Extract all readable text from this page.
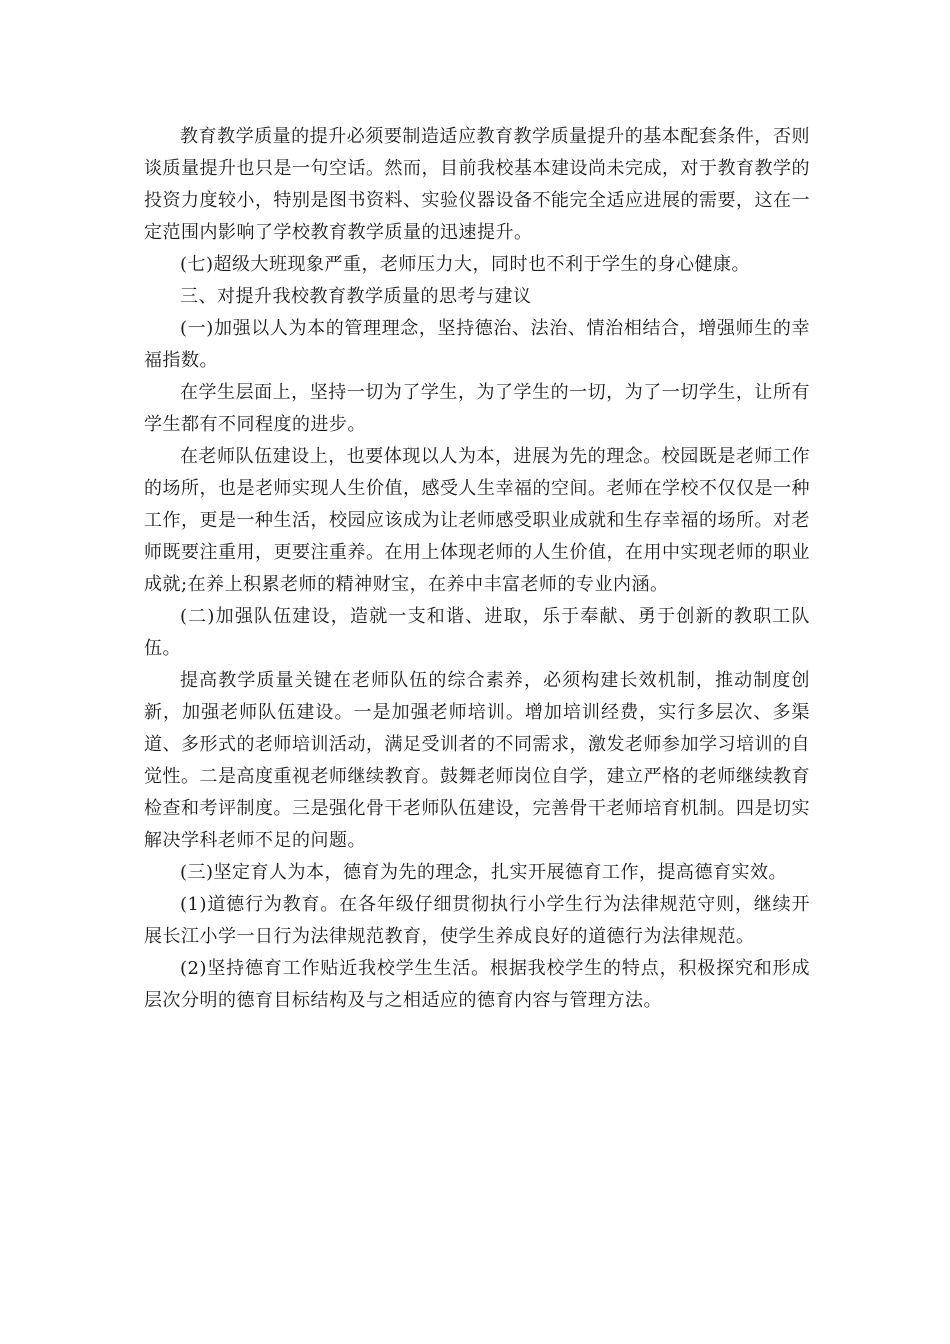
教育教学质量的提升必须要制造适应教育教学质量提升的基本配套条件，否则谈质量提升也只是一句空话。然而，目前我校基本建设尚未完成，对于教育教学的投资力度较小，特别是图书资料、实验仪器设备不能完全适应进展的需要，这在一定范围内影响了学校教育教学质量的迅速提升。

(七)超级大班现象严重，老师压力大，同时也不利于学生的身心健康。

三、对提升我校教育教学质量的思考与建议

(一)加强以人为本的管理理念，坚持德治、法治、情治相结合，增强师生的幸福指数。

在学生层面上，坚持一切为了学生，为了学生的一切，为了一切学生，让所有学生都有不同程度的进步。

在老师队伍建设上，也要体现以人为本，进展为先的理念。校园既是老师工作的场所，也是老师实现人生价值，感受人生幸福的空间。老师在学校不仅仅是一种工作，更是一种生活，校园应该成为让老师感受职业成就和生存幸福的场所。对老师既要注重用，更要注重养。在用上体现老师的人生价值，在用中实现老师的职业成就;在养上积累老师的精神财宝，在养中丰富老师的专业内涵。

(二)加强队伍建设，造就一支和谐、进取，乐于奉献、勇于创新的教职工队伍。

提高教学质量关键在老师队伍的综合素养，必须构建长效机制，推动制度创新，加强老师队伍建设。一是加强老师培训。增加培训经费，实行多层次、多渠道、多形式的老师培训活动，满足受训者的不同需求，激发老师参加学习培训的自觉性。二是高度重视老师继续教育。鼓舞老师岗位自学，建立严格的老师继续教育检查和考评制度。三是强化骨干老师队伍建设，完善骨干老师培育机制。四是切实解决学科老师不足的问题。

(三)坚定育人为本，德育为先的理念，扎实开展德育工作，提高德育实效。

(1)道德行为教育。在各年级仔细贯彻执行小学生行为法律规范守则，继续开展长江小学一日行为法律规范教育，使学生养成良好的道德行为法律规范。

(2)坚持德育工作贴近我校学生生活。根据我校学生的特点，积极探究和形成层次分明的德育目标结构及与之相适应的德育内容与管理方法。
